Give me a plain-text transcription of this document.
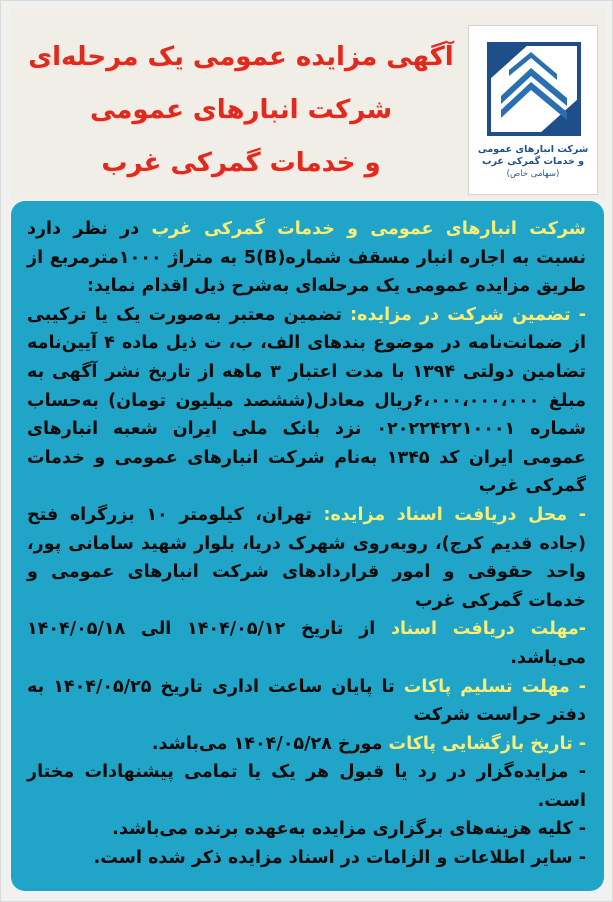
آگهی مزایده عمومی یک مرحله‌ای
شرکت انبارهای عمومی
و خدمات گمرکی غرب	شرکت انبارهای عمومی
و خدمات گمرکی غرب
(سهامی خاص)

شرکت انبارهای عمومی و خدمات گمرکی غرب در نظر دارد نسبت به اجاره انبار مسقف شماره(B)5 به متراژ ۱۰۰۰مترمربع از طریق مزایده عمومی یک مرحله‌ای به‌شرح ذیل اقدام نماید:

- تضمین شرکت در مزایده: تضمین معتبر به‌صورت یک یا ترکیبی از ضمانت‌نامه در موضوع بندهای الف، ب، ت ذیل ماده ۴ آیین‌نامه تضامین دولتی ۱۳۹۴ با مدت اعتبار ۳ ماهه از تاریخ نشر آگهی به مبلغ ۶،۰۰۰،۰۰۰،۰۰۰ریال معادل(ششصد میلیون تومان) به‌حساب شماره ۰۲۰۲۲۴۲۲۱۰۰۰۱ نزد بانک ملی ایران شعبه انبارهای عمومی ایران کد ۱۳۴۵ به‌نام شرکت انبارهای عمومی و خدمات گمرکی غرب

- محل دریافت اسناد مزایده: تهران، کیلومتر ۱۰ بزرگراه فتح (جاده قدیم کرج)، روبه‌روی شهرک دریا، بلوار شهید سامانی پور، واحد حقوقی و امور قراردادهای شرکت انبارهای عمومی و خدمات گمرکی غرب

-مهلت دریافت اسناد از تاریخ ۱۴۰۴/۰۵/۱۲ الی ۱۴۰۴/۰۵/۱۸ می‌باشد.

- مهلت تسلیم پاکات تا پایان ساعت اداری تاریخ ۱۴۰۴/۰۵/۲۵ به دفتر حراست شرکت

- تاریخ بازگشایی پاکات مورخ ۱۴۰۴/۰۵/۲۸ می‌باشد.

- مزایده‌گزار در رد یا قبول هر یک یا تمامی پیشنهادات مختار است.

- کلیه هزینه‌های برگزاری مزایده به‌عهده برنده می‌باشد.

- سایر اطلاعات و الزامات در اسناد مزایده ذکر شده است.
